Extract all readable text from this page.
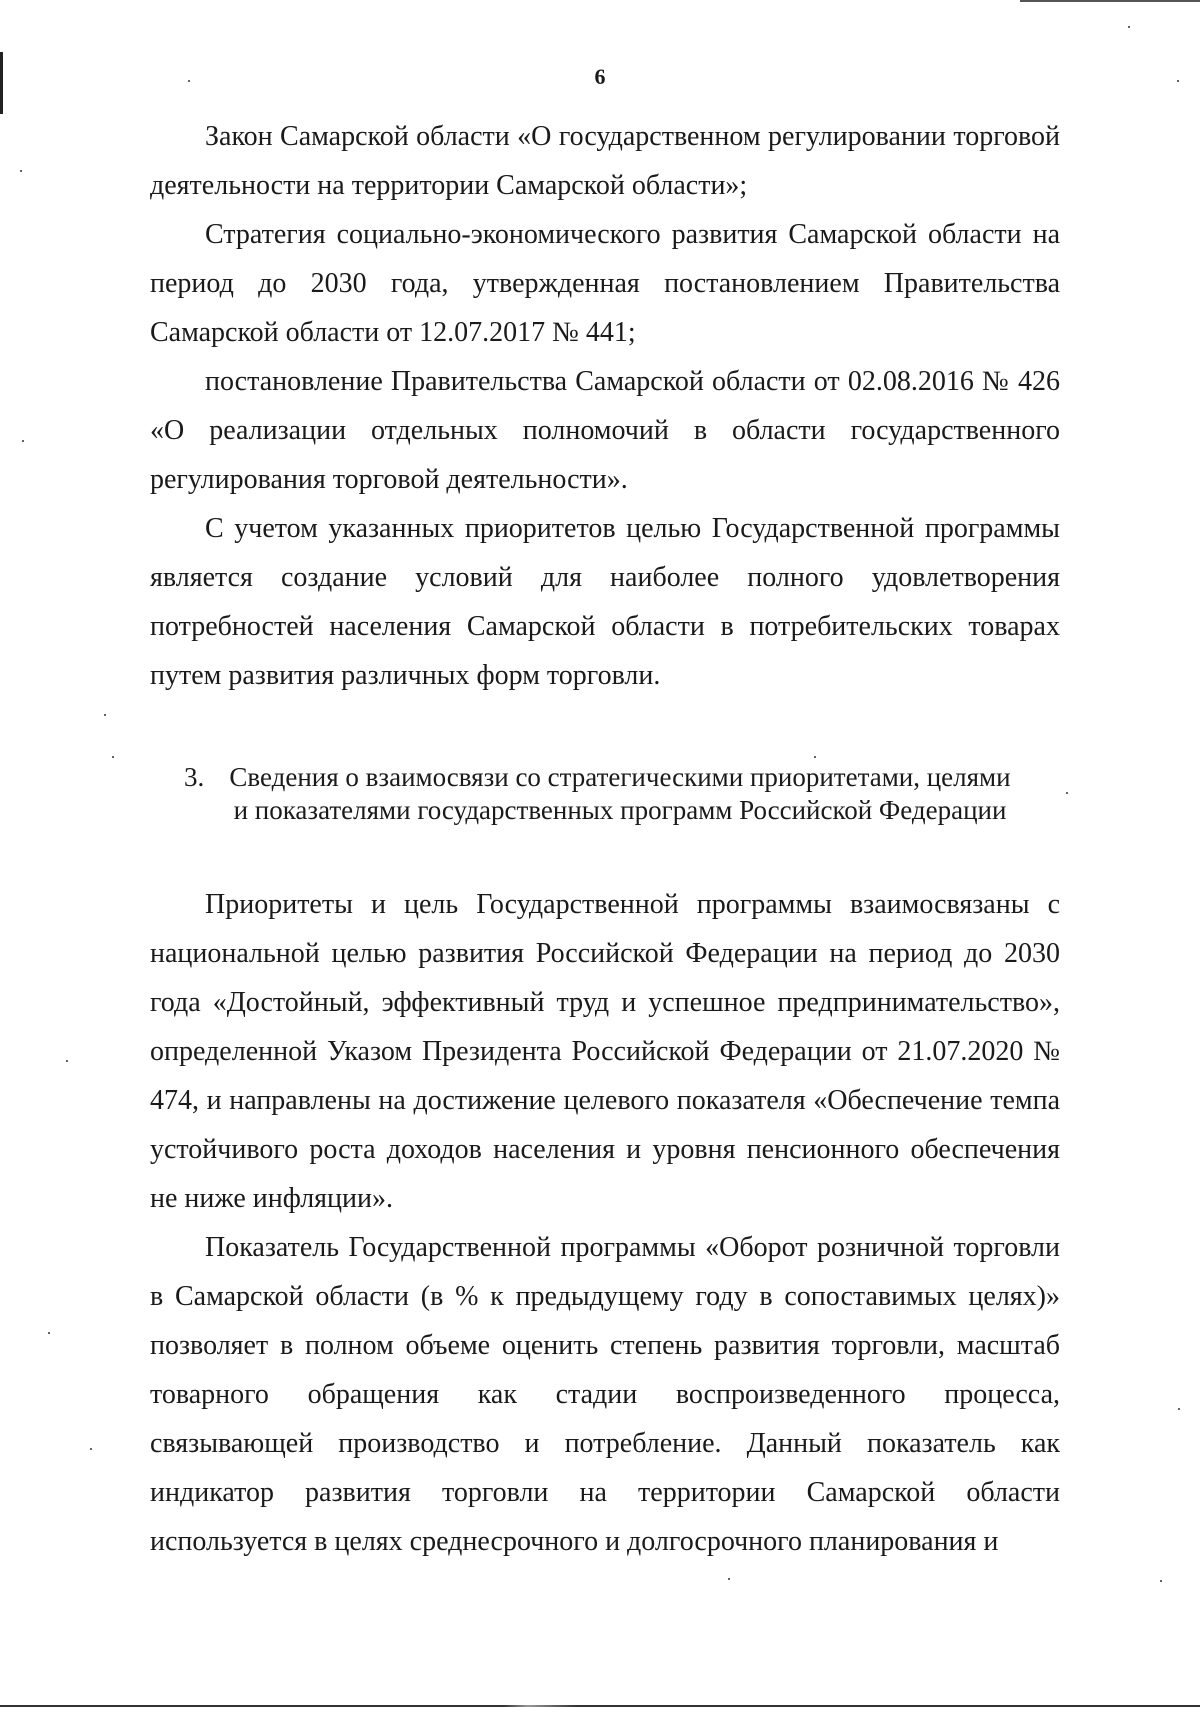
6

Закон Самарской области «О государственном регулировании торговой деятельности на территории Самарской области»;

Стратегия социально-экономического развития Самарской области на период до 2030 года, утвержденная постановлением Правительства Самарской области от 12.07.2017 № 441;

постановление Правительства Самарской области от 02.08.2016 № 426 «О реализации отдельных полномочий в области государственного регулирования торговой деятельности».

С учетом указанных приоритетов целью Государственной программы является создание условий для наиболее полного удовлетворения потребностей населения Самарской области в потребительских товарах путем развития различных форм торговли.

3. Сведения о взаимосвязи со стратегическими приоритетами, целями
и показателями государственных программ Российской Федерации

Приоритеты и цель Государственной программы взаимосвязаны с национальной целью развития Российской Федерации на период до 2030 года «Достойный, эффективный труд и успешное предпринимательство», определенной Указом Президента Российской Федерации от 21.07.2020 № 474, и направлены на достижение целевого показателя «Обеспечение темпа устойчивого роста доходов населения и уровня пенсионного обеспечения не ниже инфляции».

Показатель Государственной программы «Оборот розничной торговли в Самарской области (в % к предыдущему году в сопоставимых целях)» позволяет в полном объеме оценить степень развития торговли, масштаб товарного обращения как стадии воспроизведенного процесса, связывающей производство и потребление. Данный показатель как индикатор развития торговли на территории Самарской области используется в целях среднесрочного и долгосрочного планирования и
